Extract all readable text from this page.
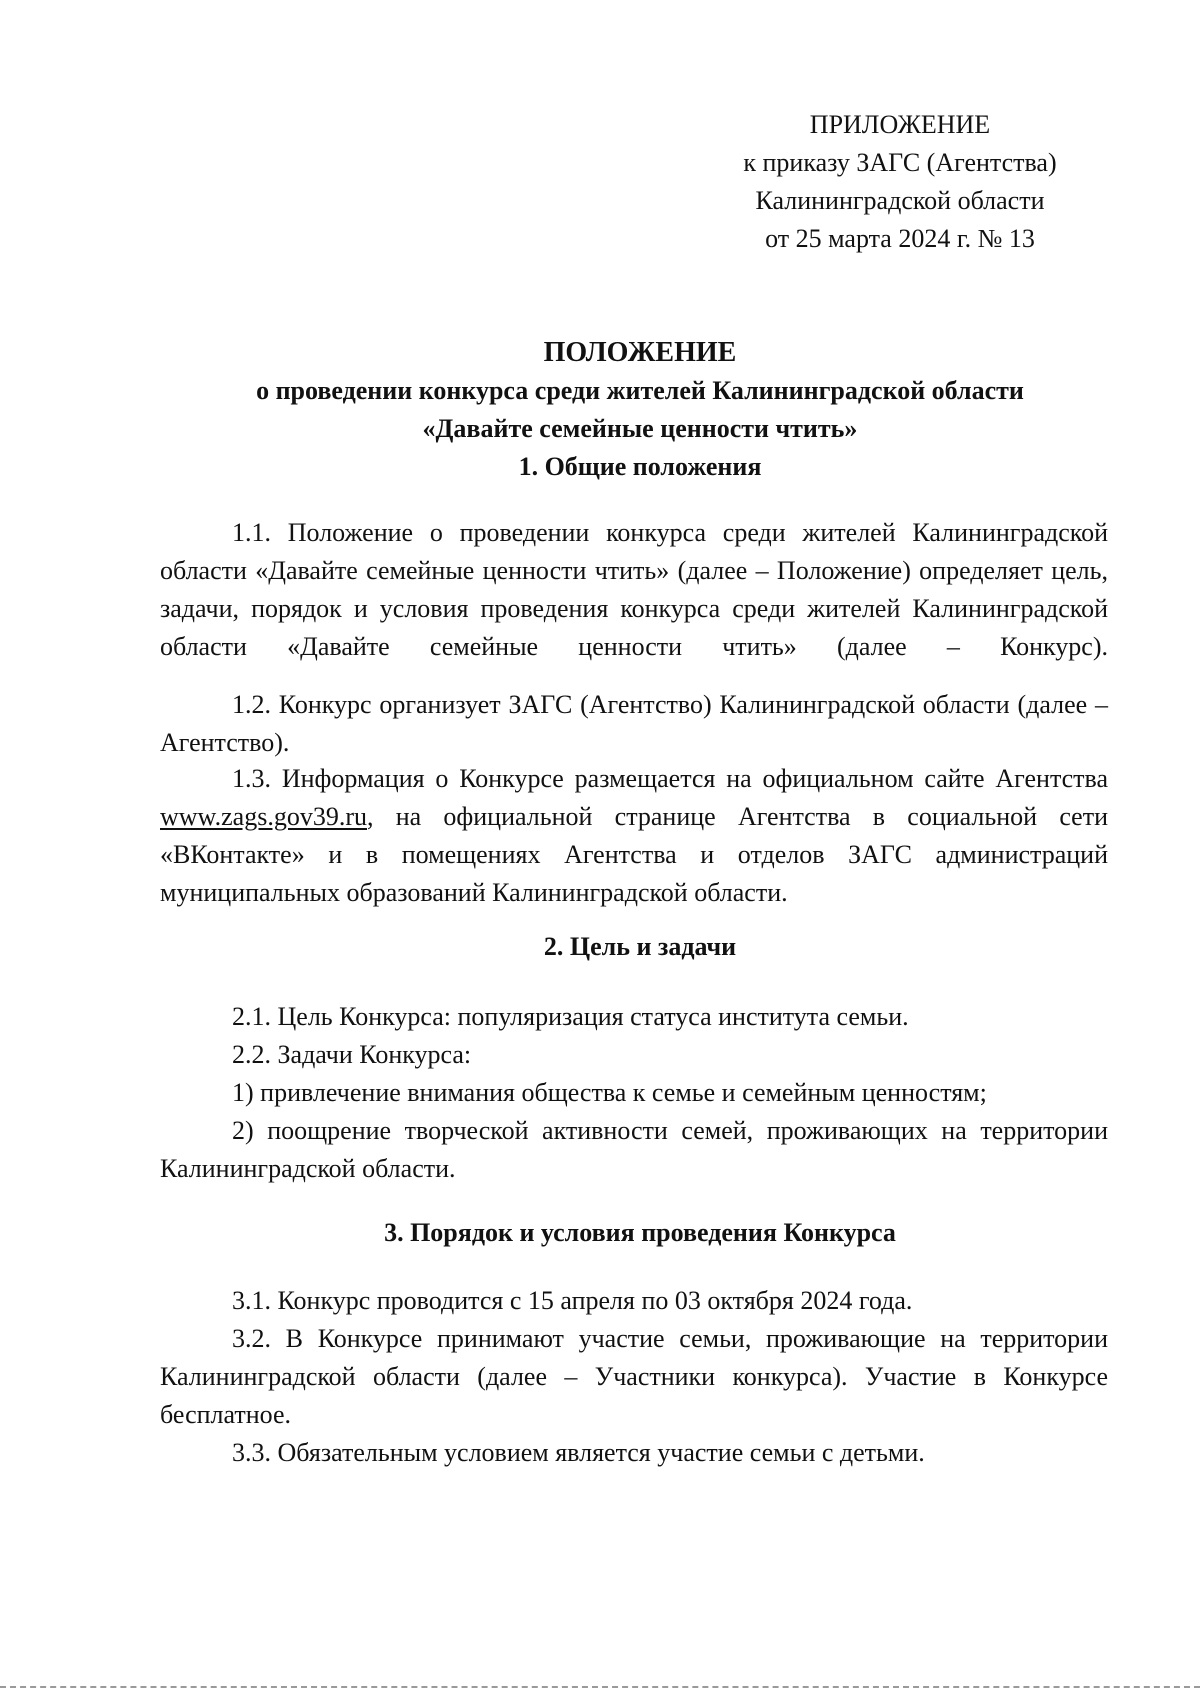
ПРИЛОЖЕНИЕ
к приказу ЗАГС (Агентства)
Калининградской области
от 25 марта 2024 г. № 13
ПОЛОЖЕНИЕ
о проведении конкурса среди жителей Калининградской области
«Давайте семейные ценности чтить»
1. Общие положения
1.1. Положение о проведении конкурса среди жителей Калининградской области «Давайте семейные ценности чтить» (далее – Положение) определяет цель, задачи, порядок и условия проведения конкурса среди жителей Калининградской области «Давайте семейные ценности чтить» (далее – Конкурс).
1.2. Конкурс организует ЗАГС (Агентство) Калининградской области (далее – Агентство).
1.3. Информация о Конкурсе размещается на официальном сайте Агентства www.zags.gov39.ru, на официальной странице Агентства в социальной сети «ВКонтакте» и в помещениях Агентства и отделов ЗАГС администраций муниципальных образований Калининградской области.
2. Цель и задачи
2.1. Цель Конкурса: популяризация статуса института семьи.
2.2. Задачи Конкурса:
1) привлечение внимания общества к семье и семейным ценностям;
2) поощрение творческой активности семей, проживающих на территории Калининградской области.
3. Порядок и условия проведения Конкурса
3.1. Конкурс проводится с 15 апреля по 03 октября 2024 года.
3.2. В Конкурсе принимают участие семьи, проживающие на территории Калининградской области (далее – Участники конкурса). Участие в Конкурсе бесплатное.
3.3. Обязательным условием является участие семьи с детьми.
